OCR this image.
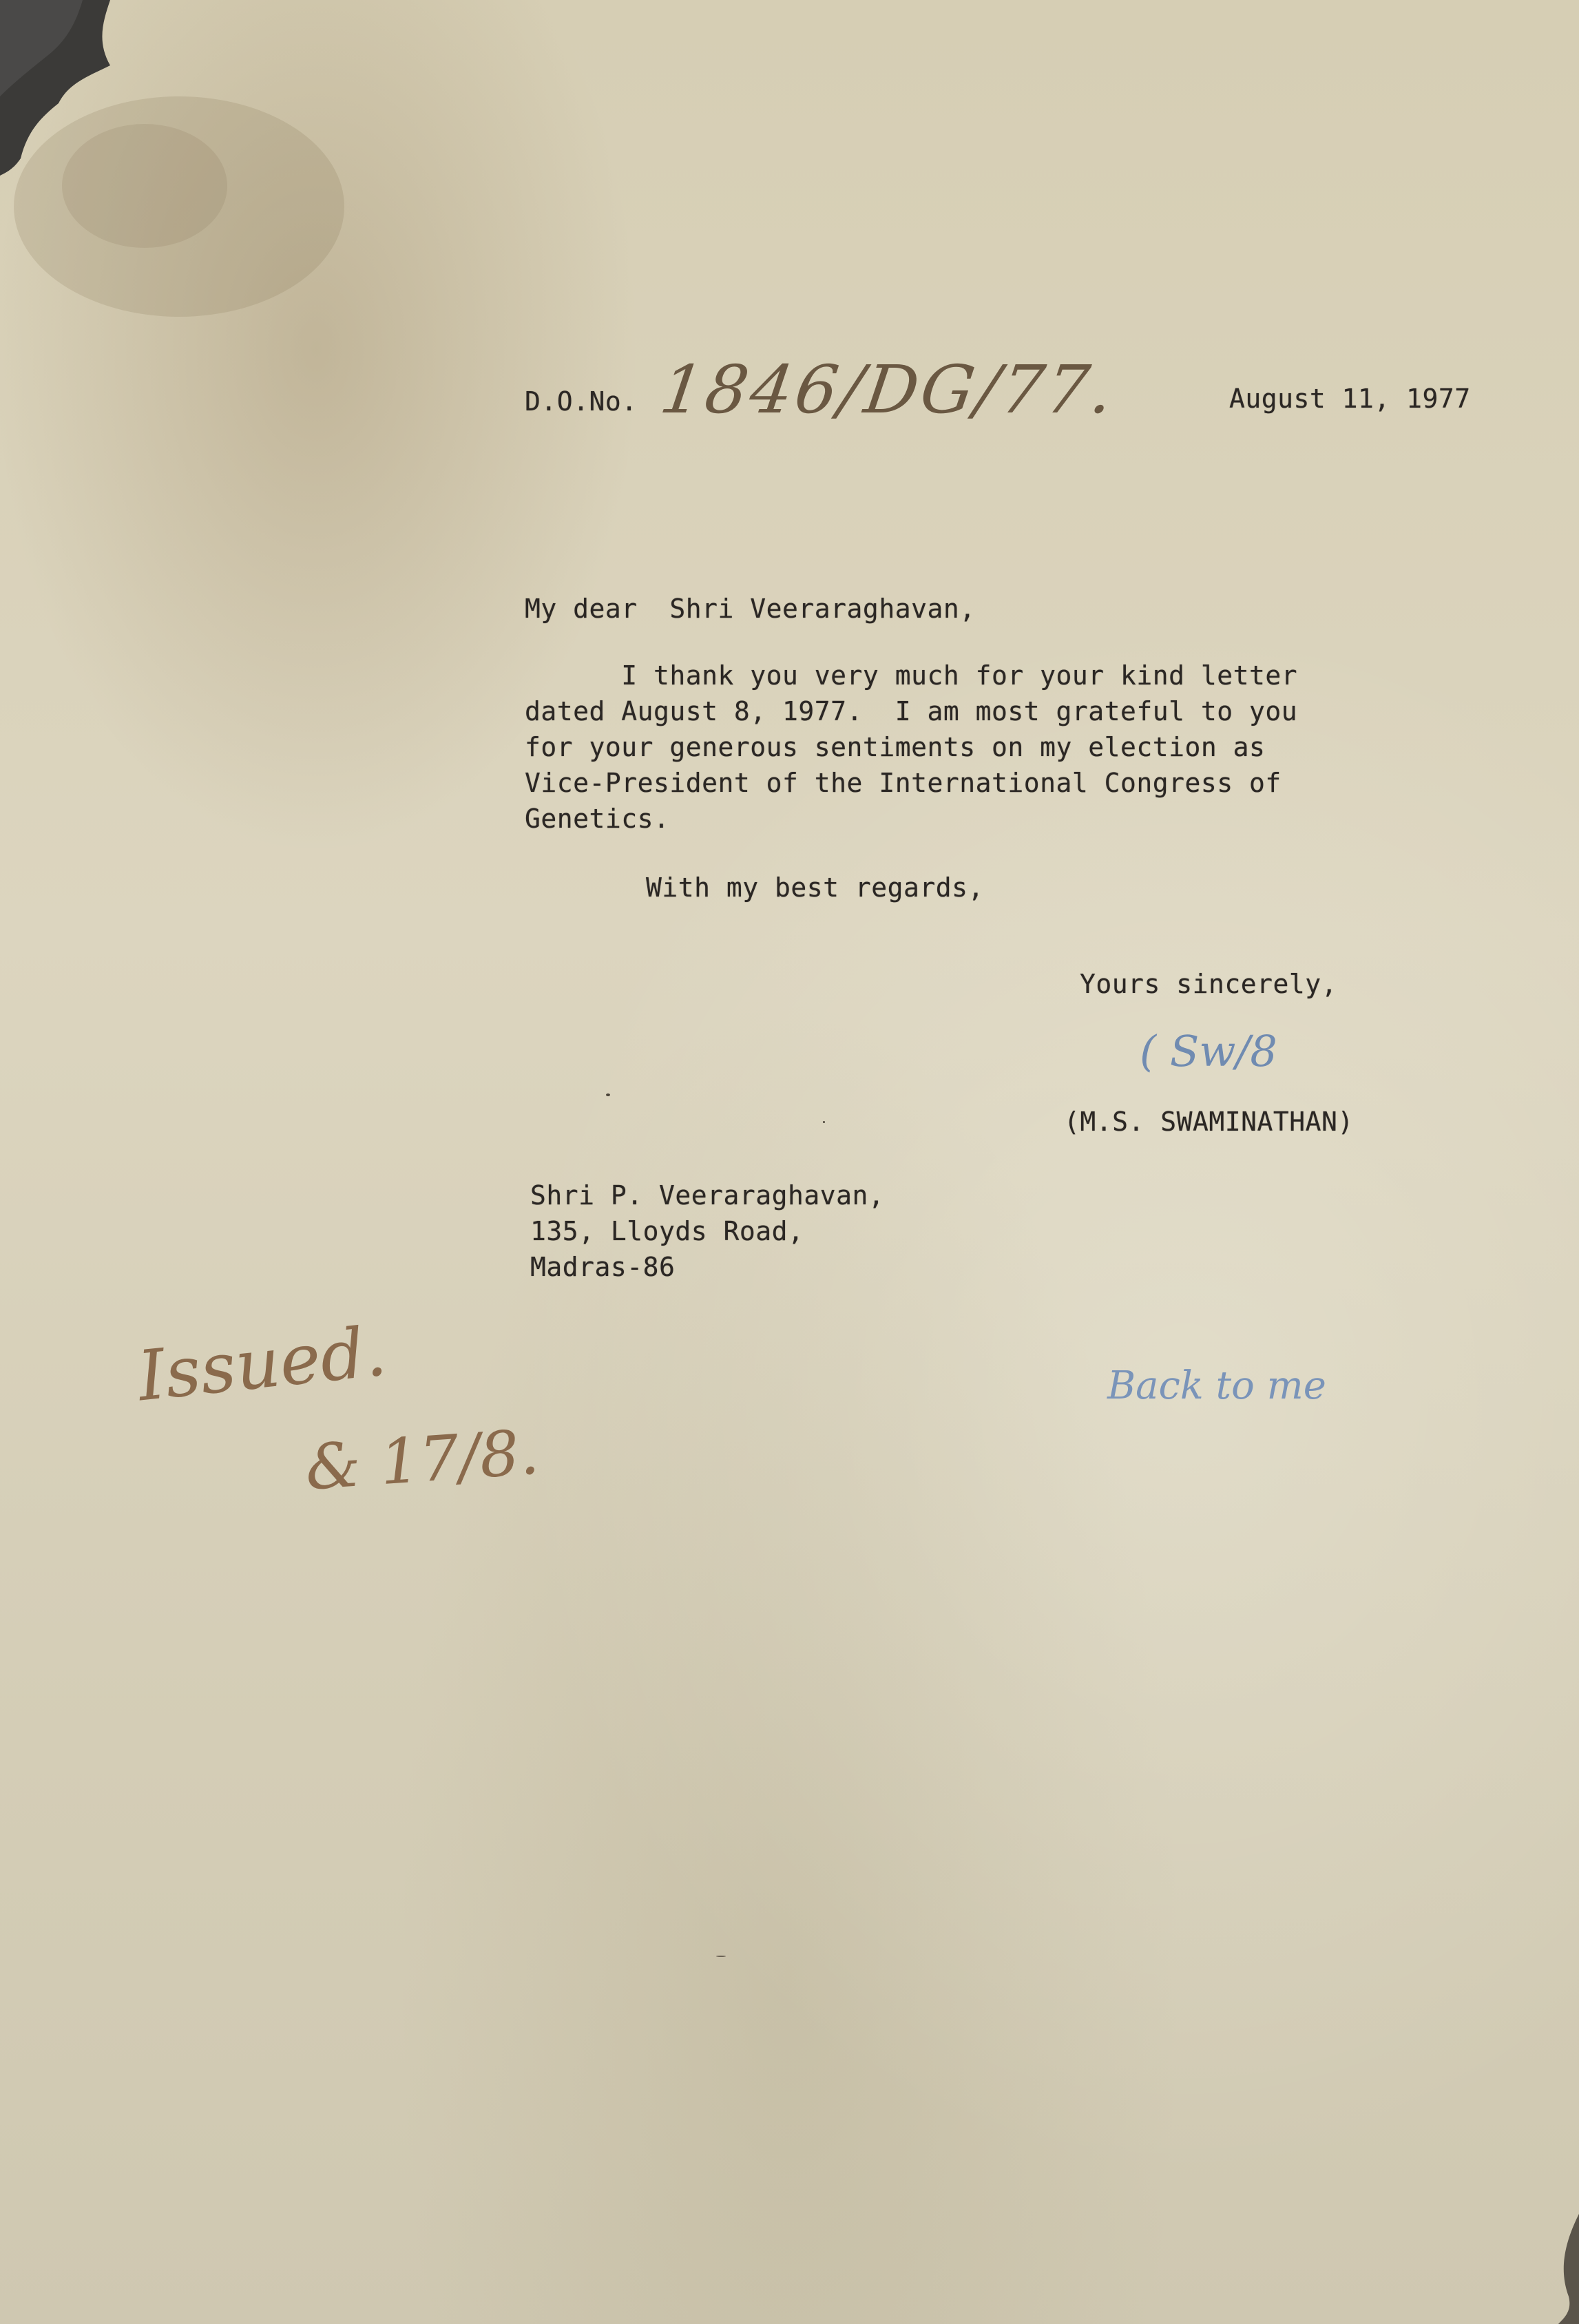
D.O.No. 1846/DG/77.	August 11, 1977
My dear  Shri Veeraraghavan,
I thank you very much for your kind letter
dated August 8, 1977.  I am most grateful to you
for your generous sentiments on my election as
Vice-President of the International Congress of
Genetics.
With my best regards,
Yours sincerely,
( Sw/8
(M.S. SWAMINATHAN)
Shri P. Veeraraghavan,
135, Lloyds Road,
Madras-86
Issued.
& 17/8.
Back to me
